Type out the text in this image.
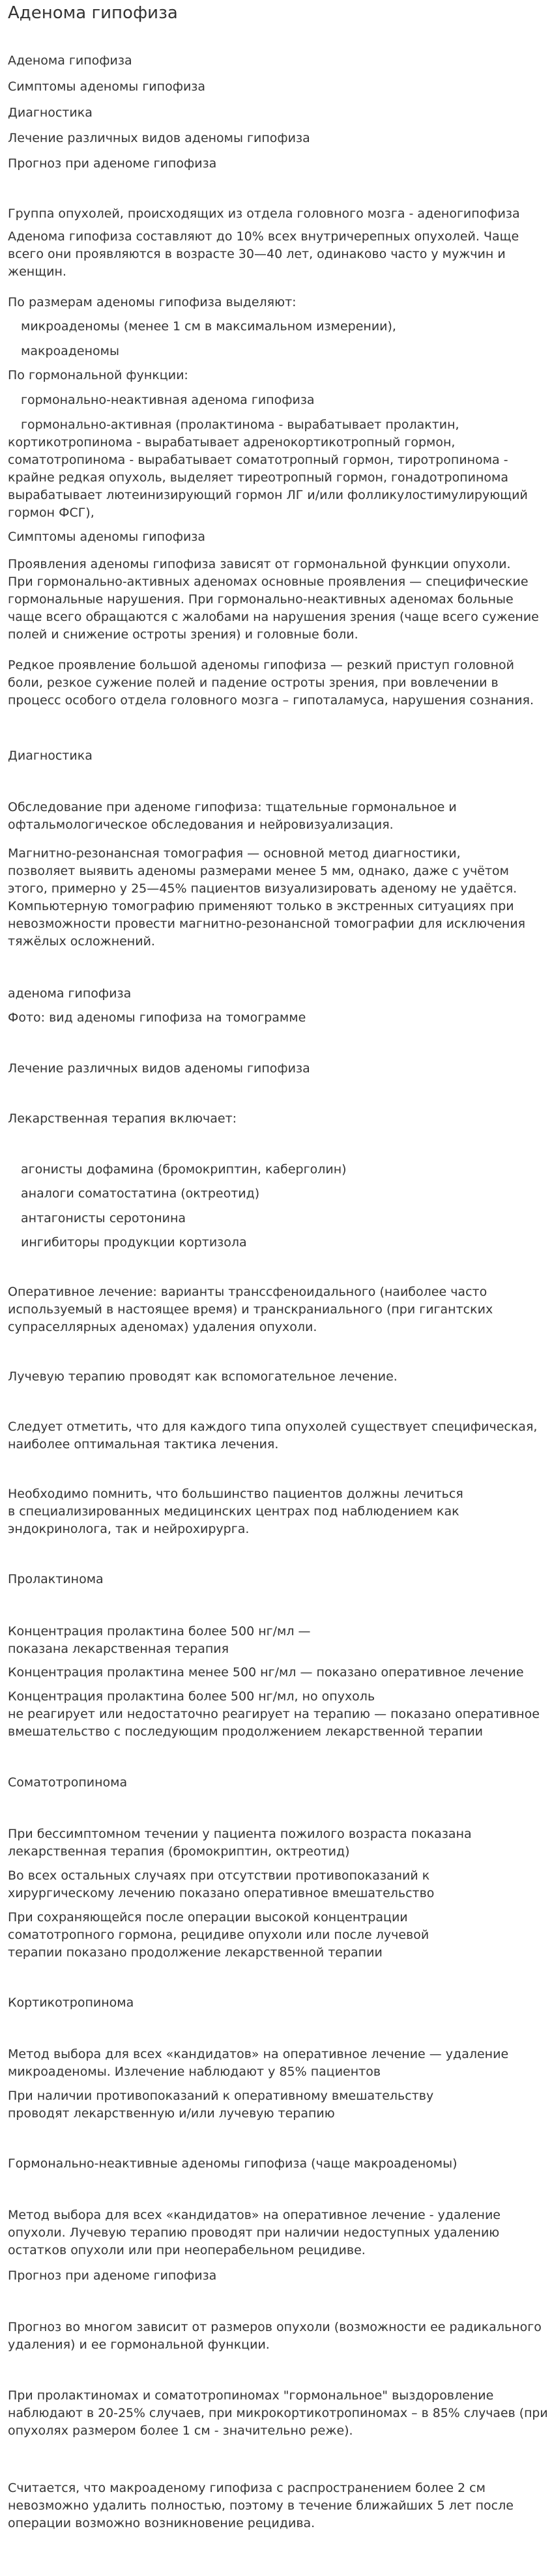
Аденома гипофиза
Аденома гипофиза
Симптомы аденомы гипофиза
Диагностика
Лечение различных видов аденомы гипофиза
Прогноз при аденоме гипофиза
Группа опухолей, происходящих из отдела головного мозга - аденогипофиза
Аденома гипофиза составляют до 10% всех внутричерепных опухолей. Чаще
всего они проявляются в возрасте 30—40 лет, одинаково часто у мужчин и
женщин.
По размерам аденомы гипофиза выделяют:
микроаденомы (менее 1 см в максимальном измерении),
макроаденомы
По гормональной функции:
гормонально-неактивная аденома гипофиза
гормонально-активная (пролактинома - вырабатывает пролактин,
кортикотропинома - вырабатывает адренокортикотропный гормон,
соматотропинома - вырабатывает соматотропный гормон, тиротропинома -
крайне редкая опухоль, выделяет тиреотропный гормон, гонадотропинома
вырабатывает лютеинизирующий гормон ЛГ и/или фолликулостимулирующий
гормон ФСГ),
Симптомы аденомы гипофиза
Проявления аденомы гипофиза зависят от гормональной функции опухоли.
При гормонально-активных аденомах основные проявления — специфические
гормональные нарушения. При гормонально-неактивных аденомах больные
чаще всего обращаются с жалобами на нарушения зрения (чаще всего сужение
полей и снижение остроты зрения) и головные боли.
Редкое проявление большой аденомы гипофиза — резкий приступ головной
боли, резкое сужение полей и падение остроты зрения, при вовлечении в
процесс особого отдела головного мозга – гипоталамуса, нарушения сознания.
Диагностика
Обследование при аденоме гипофиза: тщательные гормональное и
офтальмологическое обследования и нейровизуализация.
Магнитно-резонансная томография — основной метод диагностики,
позволяет выявить аденомы размерами менее 5 мм, однако, даже с учётом
этого, примерно у 25—45% пациентов визуализировать аденому не удаётся.
Компьютерную томографию применяют только в экстренных ситуациях при
невозможности провести магнитно-резонансной томографии для исключения
тяжёлых осложнений.
аденома гипофиза
Фото: вид аденомы гипофиза на томограмме
Лечение различных видов аденомы гипофиза
Лекарственная терапия включает:
агонисты дофамина (бромокриптин, каберголин)
аналоги соматостатина (октреотид)
антагонисты серотонина
ингибиторы продукции кортизола
Оперативное лечение: варианты транссфеноидального (наиболее часто
используемый в настоящее время) и транскраниального (при гигантских
супраселлярных аденомах) удаления опухоли.
Лучевую терапию проводят как вспомогательное лечение.
Следует отметить, что для каждого типа опухолей существует специфическая,
наиболее оптимальная тактика лечения.
Необходимо помнить, что большинство пациентов должны лечиться
в специализированных медицинских центрах под наблюдением как
эндокринолога, так и нейрохирурга.
Пролактинома
Концентрация пролактина более 500 нг/мл —
показана лекарственная терапия
Концентрация пролактина менее 500 нг/мл — показано оперативное лечение
Концентрация пролактина более 500 нг/мл, но опухоль
не реагирует или недостаточно реагирует на терапию — показано оперативное
вмешательство с последующим продолжением лекарственной терапии
Соматотропинома
При бессимптомном течении у пациента пожилого возраста показана
лекарственная терапия (бромокриптин, октреотид)
Во всех остальных случаях при отсутствии противопоказаний к
хирургическому лечению показано оперативное вмешательство
При сохраняющейся после операции высокой концентрации
соматотропного гормона, рецидиве опухоли или после лучевой
терапии показано продолжение лекарственной терапии
Кортикотропинома
Метод выбора для всех «кандидатов» на оперативное лечение — удаление
микроаденомы. Излечение наблюдают у 85% пациентов
При наличии противопоказаний к оперативному вмешательству
проводят лекарственную и/или лучевую терапию
Гормонально-неактивные аденомы гипофиза (чаще макроаденомы)
Метод выбора для всех «кандидатов» на оперативное лечение - удаление
опухоли. Лучевую терапию проводят при наличии недоступных удалению
остатков опухоли или при неоперабельном рецидиве.
Прогноз при аденоме гипофиза
Прогноз во многом зависит от размеров опухоли (возможности ее радикального
удаления) и ее гормональной функции.
При пролактиномах и соматотропиномах "гормональное" выздоровление
наблюдают в 20-25% случаев, при микрокортикотропиномах – в 85% случаев (при
опухолях размером более 1 см - значительно реже).
Считается, что макроаденому гипофиза с распространением более 2 см
невозможно удалить полностью, поэтому в течение ближайших 5 лет после
операции возможно возникновение рецидива.
